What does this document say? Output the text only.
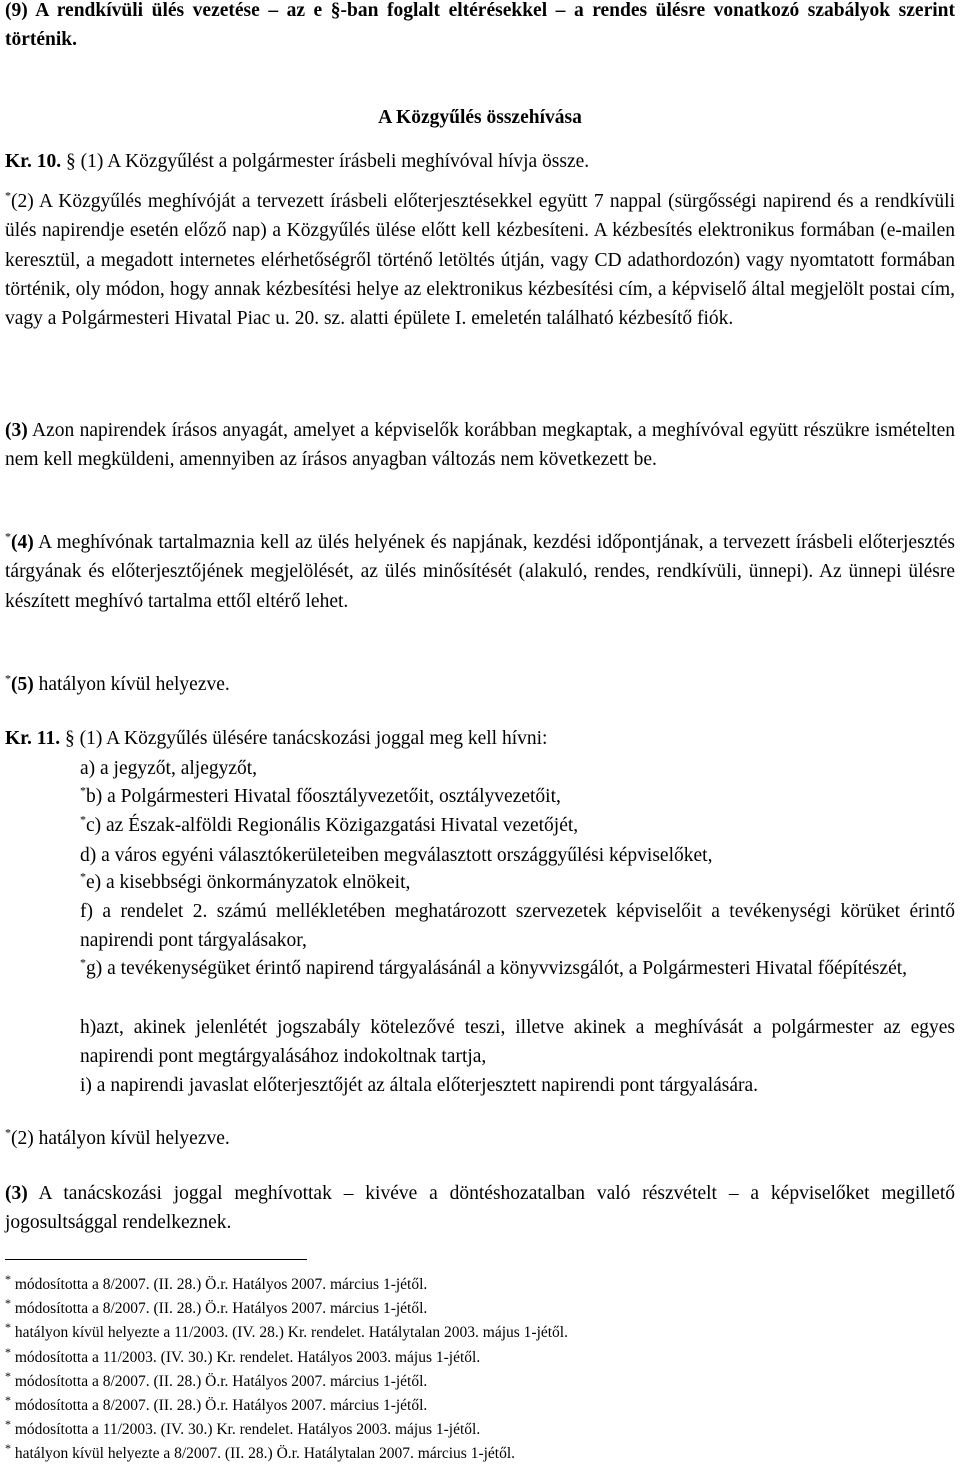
(9) A rendkívüli ülés vezetése – az e §-ban foglalt eltérésekkel – a rendes ülésre vonatkozó szabályok szerint történik.

A Közgyűlés összehívása

Kr. 10. § (1) A Közgyűlést a polgármester írásbeli meghívóval hívja össze.

*(2) A Közgyűlés meghívóját a tervezett írásbeli előterjesztésekkel együtt 7 nappal (sürgősségi napirend és a rendkívüli ülés napirendje esetén előző nap) a Közgyűlés ülése előtt kell kézbesíteni. A kézbesítés elektronikus formában (e-mailen keresztül, a megadott internetes elérhetőségről történő letöltés útján, vagy CD adathordozón) vagy nyomtatott formában történik, oly módon, hogy annak kézbesítési helye az elektronikus kézbesítési cím, a képviselő által megjelölt postai cím, vagy a Polgármesteri Hivatal Piac u. 20. sz. alatti épülete I. emeletén található kézbesítő fiók.

(3) Azon napirendek írásos anyagát, amelyet a képviselők korábban megkaptak, a meghívóval együtt részükre ismételten nem kell megküldeni, amennyiben az írásos anyagban változás nem következett be.

*(4) A meghívónak tartalmaznia kell az ülés helyének és napjának, kezdési időpontjának, a tervezett írásbeli előterjesztés tárgyának és előterjesztőjének megjelölését, az ülés minősítését (alakuló, rendes, rendkívüli, ünnepi). Az ünnepi ülésre készített meghívó tartalma ettől eltérő lehet.

*(5) hatályon kívül helyezve.

Kr. 11. § (1) A Közgyűlés ülésére tanácskozási joggal meg kell hívni:

a) a jegyzőt, aljegyzőt,

*b) a Polgármesteri Hivatal főosztályvezetőit, osztályvezetőit,

*c) az Észak-alföldi Regionális Közigazgatási Hivatal vezetőjét,

d) a város egyéni választókerületeiben megválasztott országgyűlési képviselőket,

*e) a kisebbségi önkormányzatok elnökeit,

f) a rendelet 2. számú mellékletében meghatározott szervezetek képviselőit a tevékenységi körüket érintő napirendi pont tárgyalásakor,

*g) a tevékenységüket érintő napirend tárgyalásánál a könyvvizsgálót, a Polgármesteri Hivatal főépítészét,

h)azt, akinek jelenlétét jogszabály kötelezővé teszi, illetve akinek a meghívását a polgármester az egyes napirendi pont megtárgyalásához indokoltnak tartja,

i) a napirendi javaslat előterjesztőjét az általa előterjesztett napirendi pont tárgyalására.

*(2) hatályon kívül helyezve.

(3) A tanácskozási joggal meghívottak – kivéve a döntéshozatalban való részvételt – a képviselőket megillető jogosultsággal rendelkeznek.

* módosította a 8/2007. (II. 28.) Ö.r. Hatályos 2007. március 1-jétől.

* módosította a 8/2007. (II. 28.) Ö.r. Hatályos 2007. március 1-jétől.

* hatályon kívül helyezte a 11/2003. (IV. 28.) Kr. rendelet. Hatálytalan 2003. május 1-jétől.

* módosította a 11/2003. (IV. 30.) Kr. rendelet. Hatályos 2003. május 1-jétől.

* módosította a 8/2007. (II. 28.) Ö.r. Hatályos 2007. március 1-jétől.

* módosította a 8/2007. (II. 28.) Ö.r. Hatályos 2007. március 1-jétől.

* módosította a 11/2003. (IV. 30.) Kr. rendelet. Hatályos 2003. május 1-jétől.

* hatályon kívül helyezte a 8/2007. (II. 28.) Ö.r. Hatálytalan 2007. március 1-jétől.
